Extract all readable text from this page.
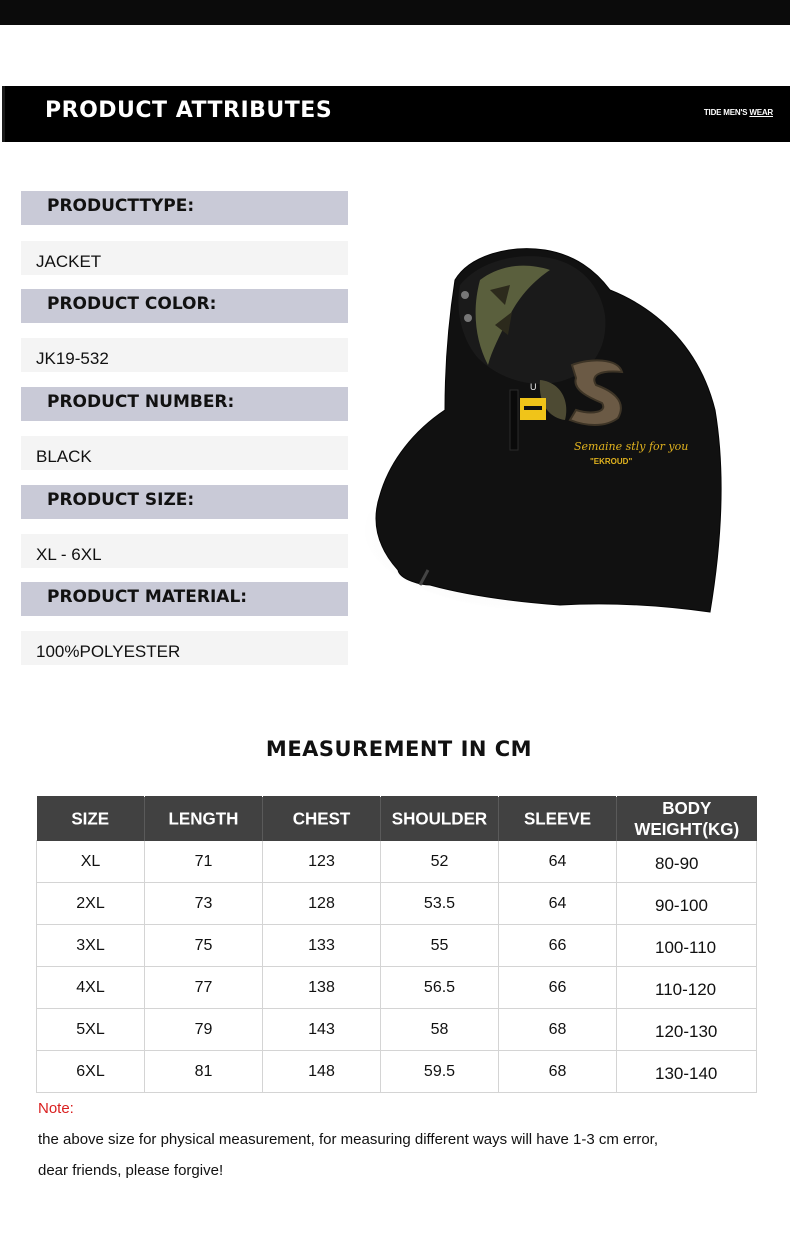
PRODUCT ATTRIBUTES	TIDE MEN'S WEAR
PRODUCTTYPE:
JACKET
PRODUCT COLOR:
JK19-532
PRODUCT NUMBER:
BLACK
PRODUCT SIZE:
XL - 6XL
PRODUCT MATERIAL:
100%POLYESTER
Semaine stly for you
"EKROUD"
U
MEASUREMENT IN CM
SIZE	LENGTH	CHEST	SHOULDER	SLEEVE	BODY WEIGHT(KG)
XL	71	123	52	64	80-90
2XL	73	128	53.5	64	90-100
3XL	75	133	55	66	100-110
4XL	77	138	56.5	66	110-120
5XL	79	143	58	68	120-130
6XL	81	148	59.5	68	130-140
Note:
the above size for physical measurement, for measuring different ways will have 1-3 cm error,
dear friends, please forgive!
